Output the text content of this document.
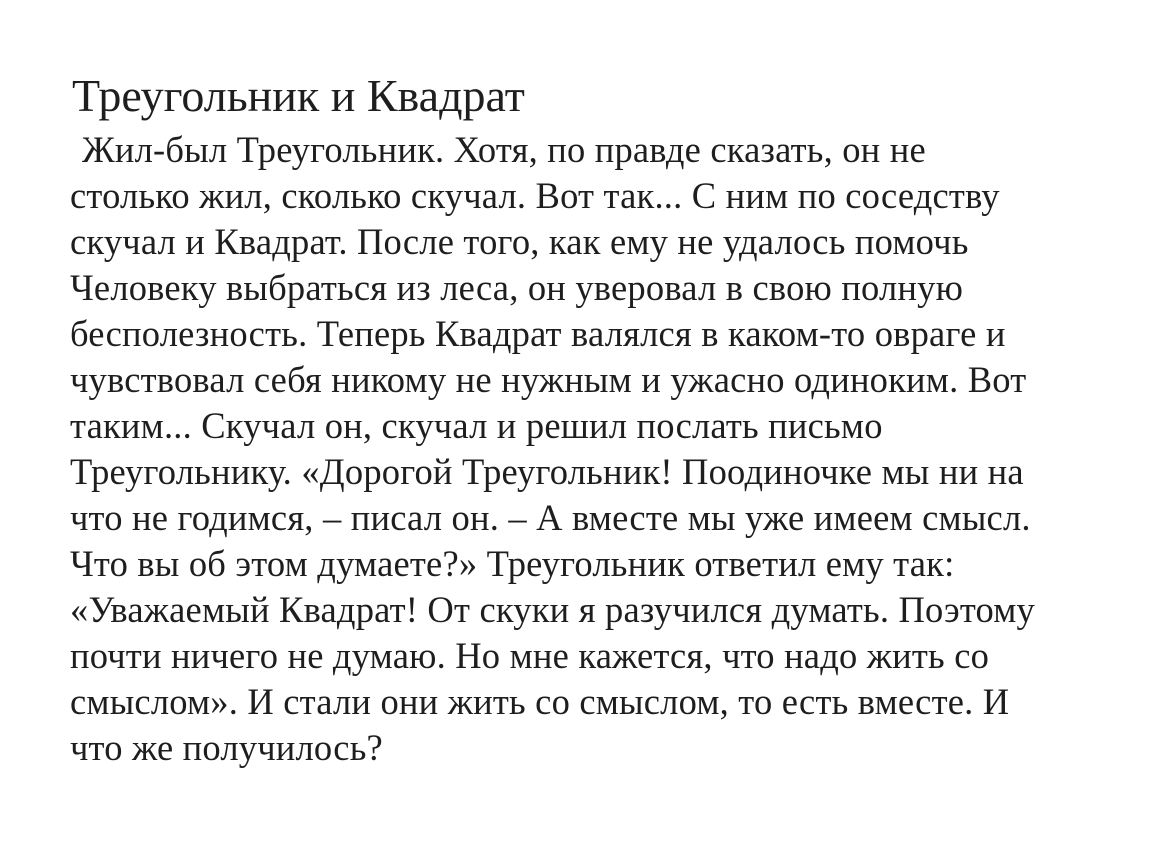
Треугольник и Квадрат

Жил-был Треугольник. Хотя, по правде сказать, он не

столько жил, сколько скучал. Вот так... С ним по соседству

скучал и Квадрат. После того, как ему не удалось помочь

Человеку выбраться из леса, он уверовал в свою полную

бесполезность. Теперь Квадрат валялся в каком-то овраге и

чувствовал себя никому не нужным и ужасно одиноким. Вот

таким... Скучал он, скучал и решил послать письмо

Треугольнику. «Дорогой Треугольник! Поодиночке мы ни на

что не годимся, – писал он. – А вместе мы уже имеем смысл.

Что вы об этом думаете?» Треугольник ответил ему так:

«Уважаемый Квадрат! От скуки я разучился думать. Поэтому

почти ничего не думаю. Но мне кажется, что надо жить со

смыслом». И стали они жить со смыслом, то есть вместе. И

что же получилось?
